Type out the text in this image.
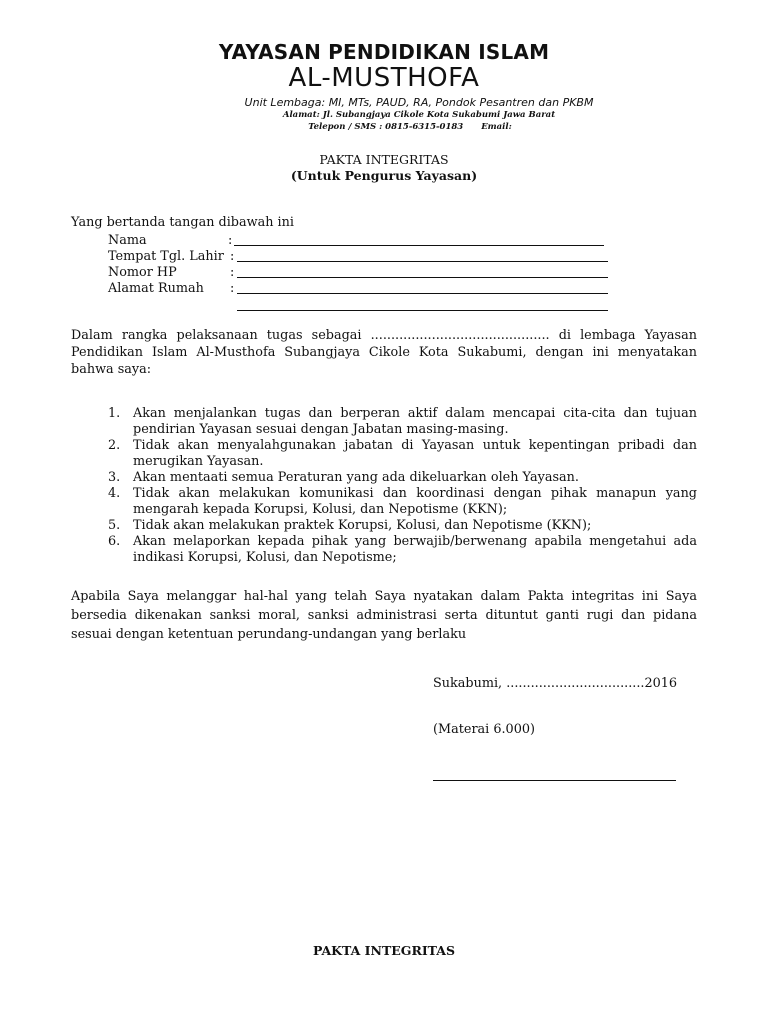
YAYASAN PENDIDIKAN ISLAM
AL-MUSTHOFA
Unit Lembaga: MI, MTs, PAUD, RA, Pondok Pesantren dan PKBM
Alamat: Jl. Subangjaya Cikole Kota Sukabumi Jawa Barat
Telepon / SMS : 0815-6315-0183 Email:
PAKTA INTEGRITAS
(Untuk Pengurus Yayasan)
Yang bertanda tangan dibawah ini
Nama	:
Tempat Tgl. Lahir :
Nomor HP	:
Alamat Rumah :
Dalam rangka pelaksanaan tugas sebagai ............................................ di lembaga Yayasan Pendidikan Islam Al-Musthofa Subangjaya Cikole Kota Sukabumi, dengan ini menyatakan bahwa saya:
1. Akan menjalankan tugas dan berperan aktif dalam mencapai cita-cita dan tujuan pendirian Yayasan sesuai dengan Jabatan masing-masing.
2. Tidak akan menyalahgunakan jabatan di Yayasan untuk kepentingan pribadi dan merugikan Yayasan.
3. Akan mentaati semua Peraturan yang ada dikeluarkan oleh Yayasan.
4. Tidak akan melakukan komunikasi dan koordinasi dengan pihak manapun yang mengarah kepada Korupsi, Kolusi, dan Nepotisme (KKN);
5. Tidak akan melakukan praktek Korupsi, Kolusi, dan Nepotisme (KKN);
6. Akan melaporkan kepada pihak yang berwajib/berwenang apabila mengetahui ada indikasi Korupsi, Kolusi, dan Nepotisme;
Apabila Saya melanggar hal-hal yang telah Saya nyatakan dalam Pakta integritas ini Saya bersedia dikenakan sanksi moral, sanksi administrasi serta dituntut ganti rugi dan pidana sesuai dengan ketentuan perundang-undangan yang berlaku
Sukabumi, ..................................2016
(Materai 6.000)
PAKTA INTEGRITAS
